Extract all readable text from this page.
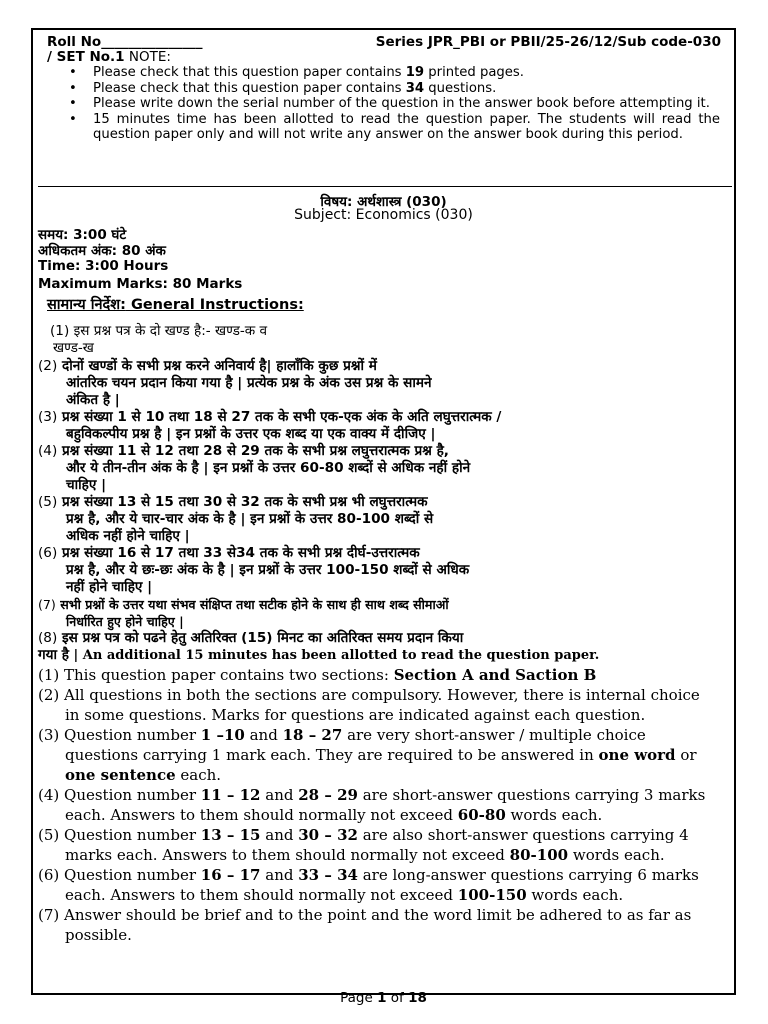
Roll No_______________	Series JPR_PBI or PBII/25-26/12/Sub code-030
/ SET No.1 NOTE:
• Please check that this question paper contains 19 printed pages.
• Please check that this question paper contains 34 questions.
• Please write down the serial number of the question in the answer book before attempting it.
• 15 minutes time has been allotted to read the question paper. The students will read the question paper only and will not write any answer on the answer book during this period.
विषय: अर्थशास्त्र (030)
Subject: Economics (030)
समय: 3:00 घंटे
अधिकतम अंक: 80 अंक
Time: 3:00 Hours
Maximum Marks: 80 Marks
सामान्य निर्देश: General Instructions:
(1) इस प्रश्न पत्र के दो खण्ड है:- खण्ड-क व
खण्ड-ख
(2) दोनों खण्डों के सभी प्रश्न करने अनिवार्य है| हालाँकि कुछ प्रश्नों में
आंतरिक चयन प्रदान किया गया है | प्रत्येक प्रश्न के अंक उस प्रश्न के सामने
अंकित है |
(3) प्रश्न संख्या 1 से 10 तथा 18 से 27 तक के सभी एक-एक अंक के अति लघुत्तरात्मक /
बहुविकल्पीय प्रश्न है | इन प्रश्नों के उत्तर एक शब्द या एक वाक्य में दीजिए |
(4) प्रश्न संख्या 11 से 12 तथा 28 से 29 तक के सभी प्रश्न लघुत्तरात्मक प्रश्न है,
और ये तीन-तीन अंक के है | इन प्रश्नों के उत्तर 60-80 शब्दों से अधिक नहीं होने
चाहिए |
(5) प्रश्न संख्या 13 से 15 तथा 30 से 32 तक के सभी प्रश्न भी लघुत्तरात्मक
प्रश्न है, और ये चार-चार अंक के है | इन प्रश्नों के उत्तर 80-100 शब्दों से
अधिक नहीं होने चाहिए |
(6) प्रश्न संख्या 16 से 17 तथा 33 से34 तक के सभी प्रश्न दीर्घ-उत्तरात्मक
प्रश्न है, और ये छः-छः अंक के है | इन प्रश्नों के उत्तर 100-150 शब्दों से अधिक
नहीं होने चाहिए |
(7) सभी प्रश्नों के उत्तर यथा संभव संक्षिप्त तथा सटीक होने के साथ ही साथ शब्द सीमाओं
निर्धारित हुए होने चाहिए |
(8) इस प्रश्न पत्र को पढने हेतु अतिरिक्त (15) मिनट का अतिरिक्त समय प्रदान किया
गया है | An additional 15 minutes has been allotted to read the question paper.
(1) This question paper contains two sections: Section A and Saction B
(2) All questions in both the sections are compulsory. However, there is internal choice
in some questions. Marks for questions are indicated against each question.
(3) Question number 1 –10 and 18 – 27 are very short-answer / multiple choice
questions carrying 1 mark each. They are required to be answered in one word or
one sentence each.
(4) Question number 11 – 12 and 28 – 29 are short-answer questions carrying 3 marks
each. Answers to them should normally not exceed 60-80 words each.
(5) Question number 13 – 15 and 30 – 32 are also short-answer questions carrying 4
marks each. Answers to them should normally not exceed 80-100 words each.
(6) Question number 16 – 17 and 33 – 34 are long-answer questions carrying 6 marks
each. Answers to them should normally not exceed 100-150 words each.
(7) Answer should be brief and to the point and the word limit be adhered to as far as
possible.
Page 1 of 18
